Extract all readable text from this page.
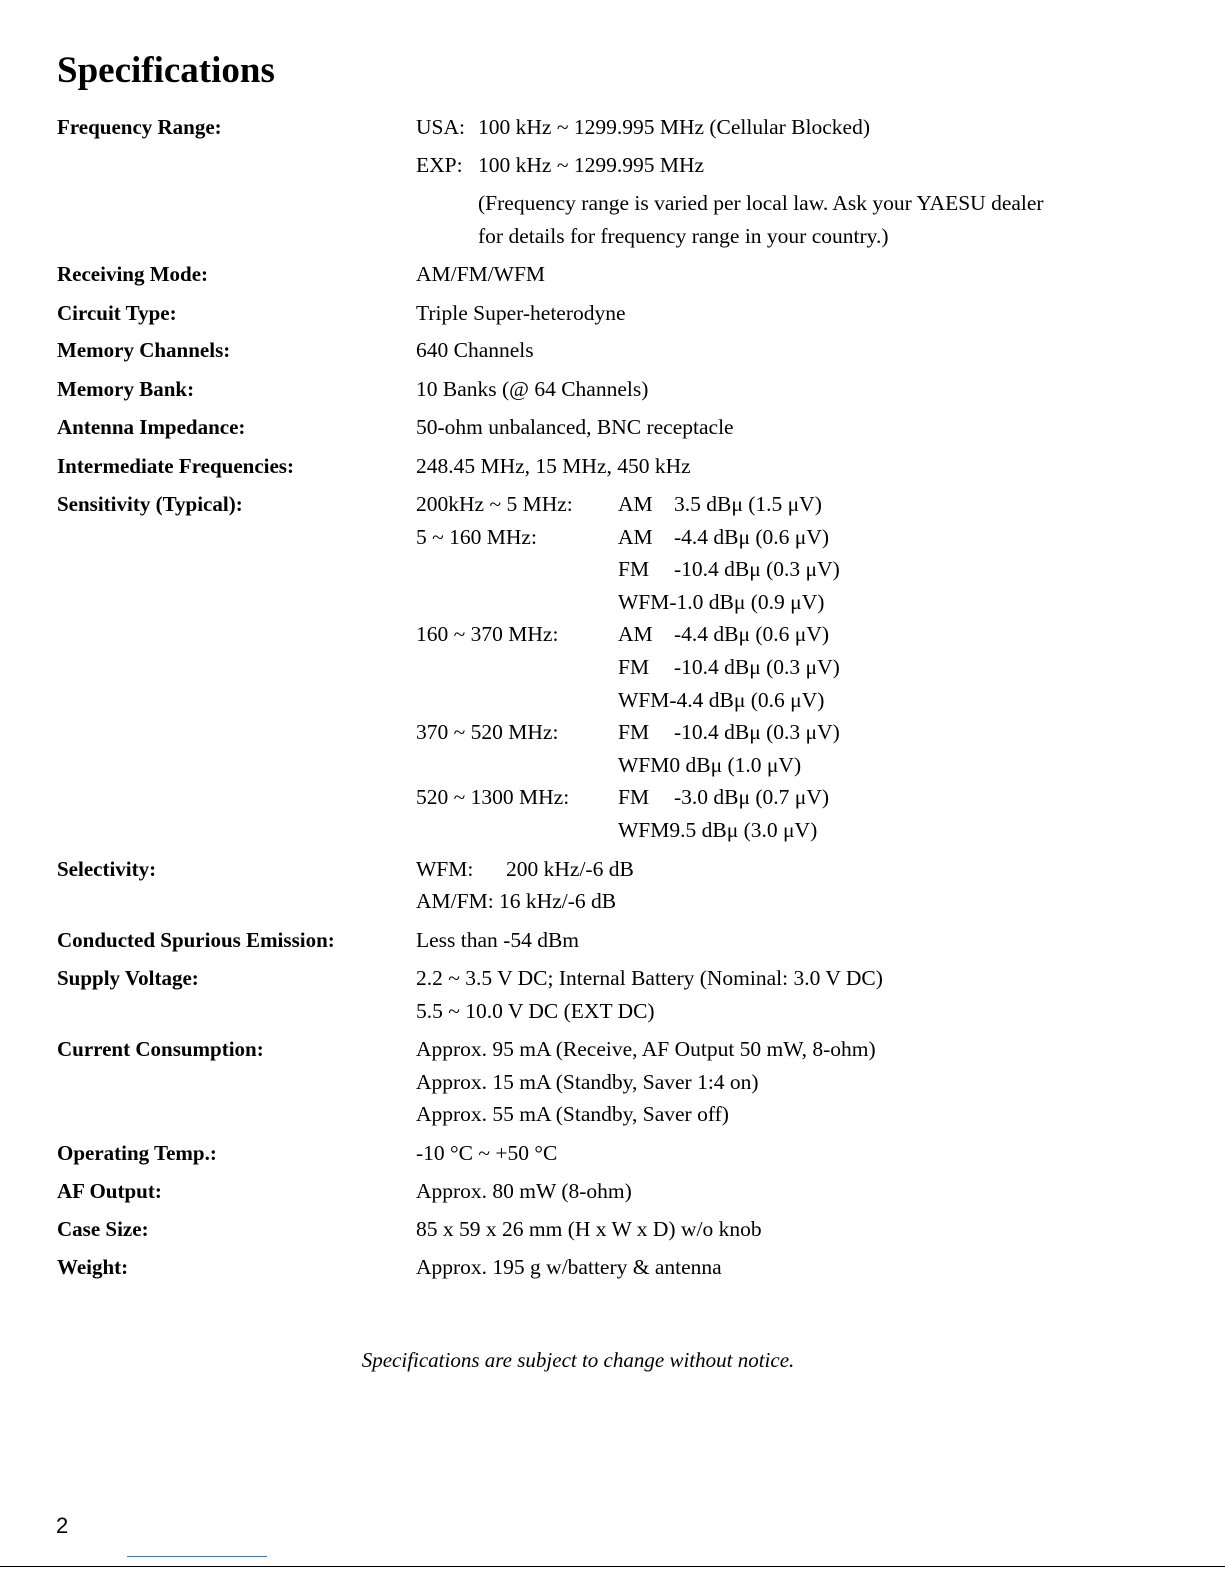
Specifications
Frequency Range:	USA: 100 kHz ~ 1299.995 MHz (Cellular Blocked)
EXP: 100 kHz ~ 1299.995 MHz
(Frequency range is varied per local law. Ask your YAESU dealer
for details for frequency range in your country.)
Receiving Mode:	AM/FM/WFM
Circuit Type:	Triple Super-heterodyne
Memory Channels:	640 Channels
Memory Bank:	10 Banks (@ 64 Channels)
Antenna Impedance:	50-ohm unbalanced, BNC receptacle
Intermediate Frequencies:	248.45 MHz, 15 MHz, 450 kHz
Sensitivity (Typical):	200kHz ~ 5 MHz: AM 3.5 dBμ (1.5 μV)
5 ~ 160 MHz:	AM -4.4 dBμ (0.6 μV)
FM -10.4 dBμ (0.3 μV)
WFM-1.0 dBμ (0.9 μV)
160 ~ 370 MHz:	AM -4.4 dBμ (0.6 μV)
FM -10.4 dBμ (0.3 μV)
WFM-4.4 dBμ (0.6 μV)
370 ~ 520 MHz:	FM -10.4 dBμ (0.3 μV)
WFM0 dBμ (1.0 μV)
520 ~ 1300 MHz: FM -3.0 dBμ (0.7 μV)
WFM9.5 dBμ (3.0 μV)
Selectivity:	WFM: 200 kHz/-6 dB
AM/FM: 16 kHz/-6 dB
Conducted Spurious Emission:	Less than -54 dBm
Supply Voltage:	2.2 ~ 3.5 V DC; Internal Battery (Nominal: 3.0 V DC)
5.5 ~ 10.0 V DC (EXT DC)
Current Consumption:	Approx. 95 mA (Receive, AF Output 50 mW, 8-ohm)
Approx. 15 mA (Standby, Saver 1:4 on)
Approx. 55 mA (Standby, Saver off)
Operating Temp.:	-10 °C ~ +50 °C
AF Output:	Approx. 80 mW (8-ohm)
Case Size:	85 x 59 x 26 mm (H x W x D) w/o knob
Weight:	Approx. 195 g w/battery & antenna
Specifications are subject to change without notice.
2
